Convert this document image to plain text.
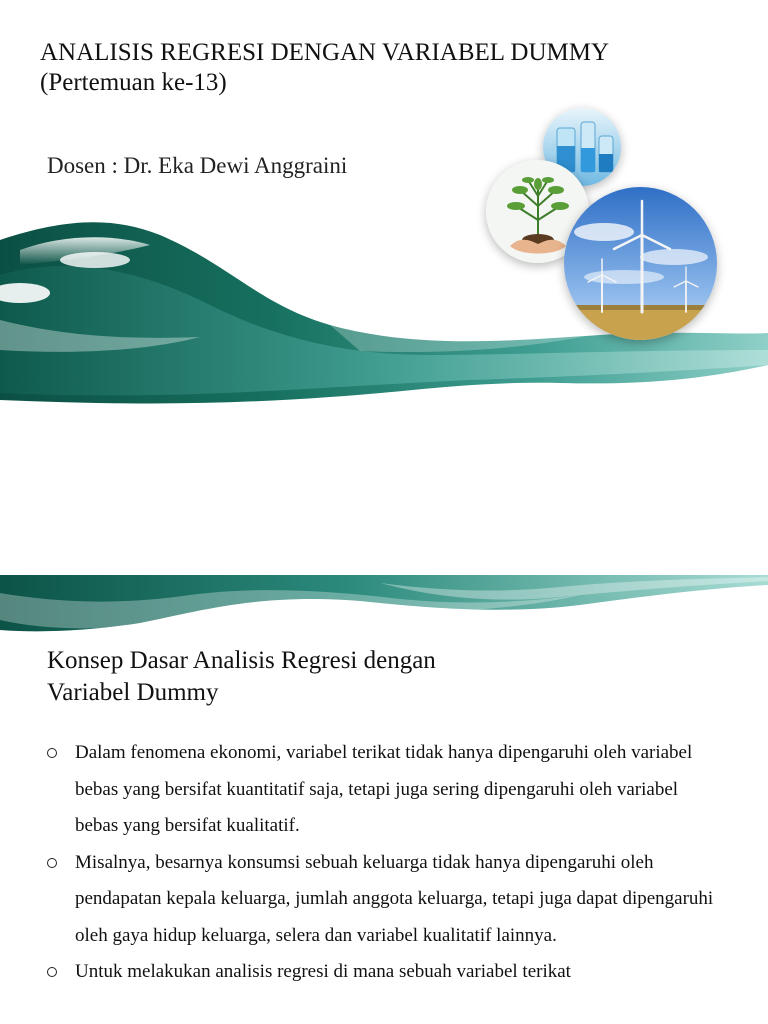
ANALISIS REGRESI DENGAN VARIABEL DUMMY
(Pertemuan ke-13)

Dosen : Dr. Eka Dewi Anggraini

Konsep Dasar Analisis Regresi dengan
Variabel Dummy
Dalam fenomena ekonomi, variabel terikat tidak hanya dipengaruhi oleh variabel bebas yang bersifat kuantitatif saja, tetapi juga sering dipengaruhi oleh variabel bebas yang bersifat kualitatif.
Misalnya, besarnya konsumsi sebuah keluarga tidak hanya dipengaruhi oleh pendapatan kepala keluarga, jumlah anggota keluarga, tetapi juga dapat dipengaruhi oleh gaya hidup keluarga, selera dan variabel kualitatif lainnya.
Untuk melakukan analisis regresi di mana sebuah variabel terikat
